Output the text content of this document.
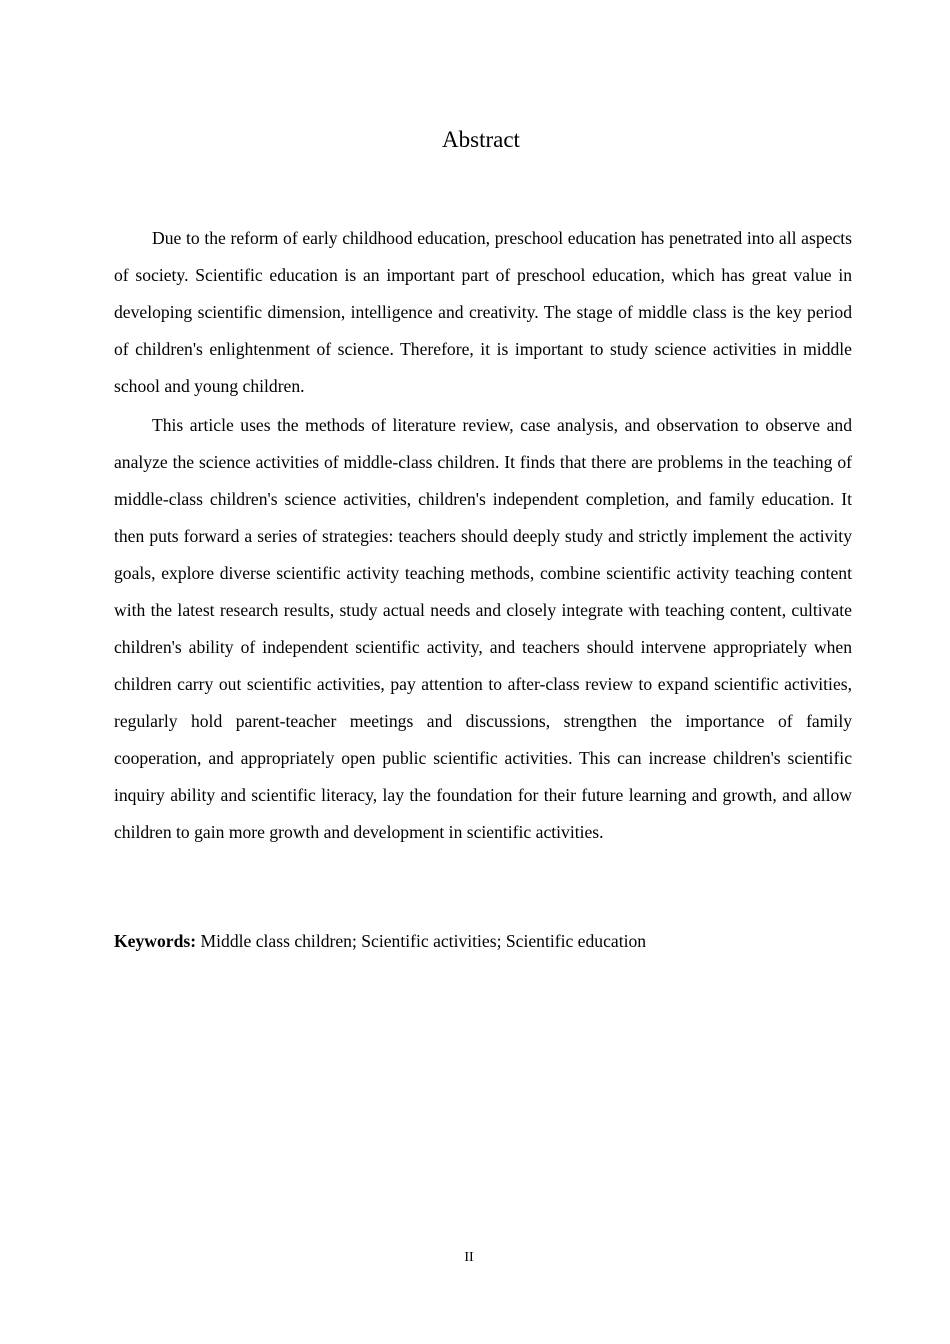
Abstract

Due to the reform of early childhood education, preschool education has penetrated into all aspects of society. Scientific education is an important part of preschool education, which has great value in developing scientific dimension, intelligence and creativity. The stage of middle class is the key period of children's enlightenment of science. Therefore, it is important to study science activities in middle school and young children.

This article uses the methods of literature review, case analysis, and observation to observe and analyze the science activities of middle-class children. It finds that there are problems in the teaching of middle-class children's science activities, children's independent completion, and family education. It then puts forward a series of strategies: teachers should deeply study and strictly implement the activity goals, explore diverse scientific activity teaching methods, combine scientific activity teaching content with the latest research results, study actual needs and closely integrate with teaching content, cultivate children's ability of independent scientific activity, and teachers should intervene appropriately when children carry out scientific activities, pay attention to after-class review to expand scientific activities, regularly hold parent-teacher meetings and discussions, strengthen the importance of family cooperation, and appropriately open public scientific activities. This can increase children's scientific inquiry ability and scientific literacy, lay the foundation for their future learning and growth, and allow children to gain more growth and development in scientific activities.

Keywords: Middle class children; Scientific activities; Scientific education

II
